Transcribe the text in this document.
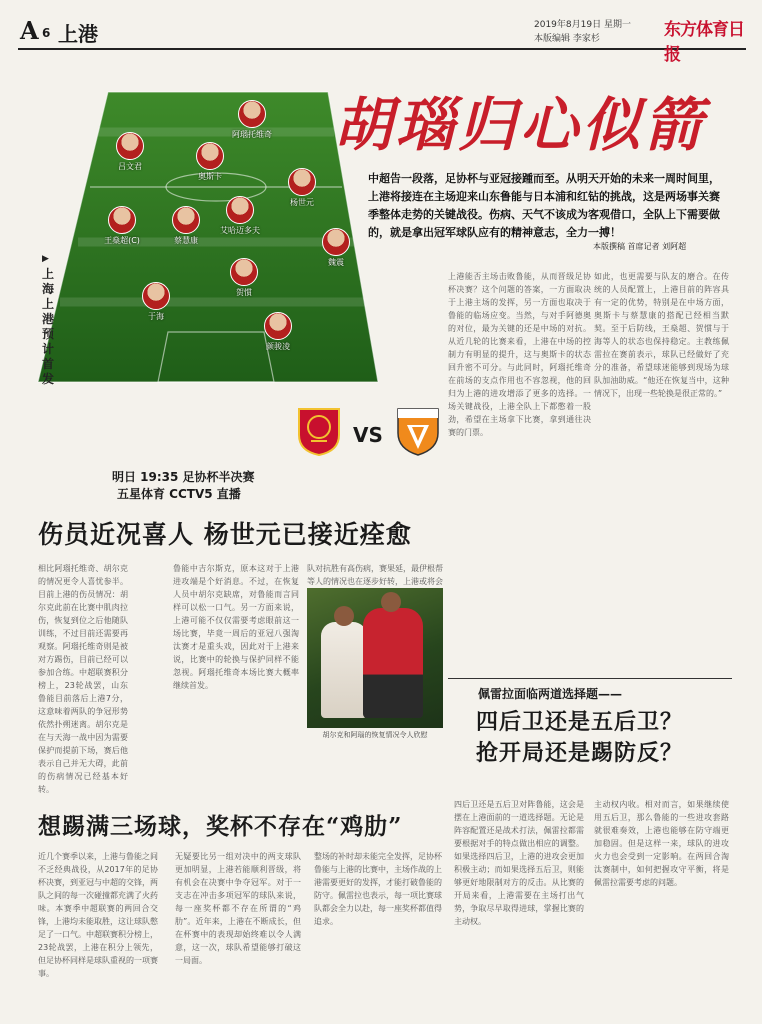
A 6 上港	2019年8月19日 星期一
本版编辑 李家杉	东方体育日报
吕文君
阿瑙托维奇
奥斯卡
王燊超(C)
杨世元
蔡慧康
艾哈迈多夫
魏震
于海
贺惯
颜骏凌
▶上海上港预计首发
胡瑙归心似箭
中超告一段落，足协杯与亚冠接踵而至。从明天开始的未来一周时间里，上港将接连在主场迎来山东鲁能与日本浦和红钻的挑战，这是两场事关赛季整体走势的关键战役。伤病、天气不该成为客观借口，全队上下需要做的，就是拿出冠军球队应有的精神意志，全力一搏！
本版撰稿 首席记者 刘阿超
VS
明日 19:35 足协杯半决赛
五星体育 CCTV5 直播
伤员近况喜人 杨世元已接近痊愈
相比阿瑙托维奇、胡尔克的情况更令人喜忧参半。目前上港的伤员情况：胡尔克此前在比赛中肌肉拉伤，恢复到位之后他随队训练，不过目前还需要再观察。阿瑙托维奇则是被对方踢伤，目前已经可以参加合练。中超联赛积分榜上，23轮战罢，山东鲁能目前落后上港7分，这意味着两队的争冠形势依然扑朔迷离。胡尔克是在与天海一战中因为需要保护而提前下场，赛后他表示自己并无大碍，此前的伤病情况已经基本好转。
鲁能中吉尔斯克，原本这对于上港进攻端是个好消息。不过，在恢复人员中胡尔克缺席，对鲁能而言同样可以松一口气。另一方面来说，上港可能不仅仅需要考虑眼前这一场比赛，毕竟一周后的亚冠八强淘汰赛才是重头戏，因此对于上港来说，比赛中的轮换与保护同样不能忽视。阿瑙托维奇本场比赛大概率继续首发。
队对抗胜有高伤病，赛果延，最伊根帮等人的情况也在逐步好转，上港或将会
胡尔克和阿瑙的恢复情况令人欣慰
上港能否主场击败鲁能，从而晋级足协杯决赛？这个问题的答案，一方面取决于上港主场的发挥，另一方面也取决于鲁能的临场应变。当然，与对手阿德奥的对位，最为关键的还是中场的对抗。从近几轮的比赛来看，上港在中场的控制力有明显的提升，这与奥斯卡的状态回升密不可分。与此同时，阿瑙托维奇在前场的支点作用也不容忽视，他的回归为上港的进攻增添了更多的选择。一场关键战役，上港全队上下都憋着一股劲，希望在主场拿下比赛，拿到通往决赛的门票。
如此，也更需要与队友的磨合。在传统的人员配置上，上港目前的阵容具有一定的优势，特别是在中场方面，奥斯卡与蔡慧康的搭配已经相当默契。至于后防线，王燊超、贺惯与于海等人的状态也保持稳定。主教练佩雷拉在赛前表示，球队已经做好了充分的准备，希望球迷能够到现场为球队加油助威。“他还在恢复当中，这种情况下，出现一些轮换是很正常的。”
佩雷拉面临两道选择题——
四后卫还是五后卫？
抢开局还是踢防反？
想踢满三场球，奖杯不存在“鸡肋”
近几个赛季以来，上港与鲁能之间不乏经典战役，从2017年的足协杯决赛，到亚冠与中超的交锋，两队之间的每一次碰撞都充满了火药味。本赛季中超联赛的两回合交锋，上港均未能取胜，这让球队憋足了一口气。中超联赛积分榜上，23轮战罢，上港在积分上领先，但足协杯同样是球队重视的一项赛事。
无疑要比另一组对决中的两支球队更加明显，上港若能顺利晋级，将有机会在决赛中争夺冠军。对于一支志在冲击多项冠军的球队来说，每一座奖杯都不存在所谓的“鸡肋”。近年来，上港在不断成长，但在杯赛中的表现却始终难以令人满意，这一次，球队希望能够打破这一局面。
整场的补时却未能完全发挥，足协杯鲁能与上港的比赛中，主场作战的上港需要更好的发挥，才能打破鲁能的防守。佩雷拉也表示，每一项比赛球队都会全力以赴，每一座奖杯都值得追求。
四后卫还是五后卫对阵鲁能，这会是摆在上港面前的一道选择题。无论是阵容配置还是战术打法，佩雷拉都需要根据对手的特点做出相应的调整。如果选择四后卫，上港的进攻会更加积极主动；而如果选择五后卫，则能够更好地限制对方的反击。从比赛的开局来看，上港需要在主场打出气势，争取尽早取得进球，掌握比赛的主动权。
主动权内收。相对而言，如果继续使用五后卫，那么鲁能的一些进攻套路就很难奏效，上港也能够在防守端更加稳固。但是这样一来，球队的进攻火力也会受到一定影响。在两回合淘汰赛制中，如何把握攻守平衡，将是佩雷拉需要考虑的问题。
